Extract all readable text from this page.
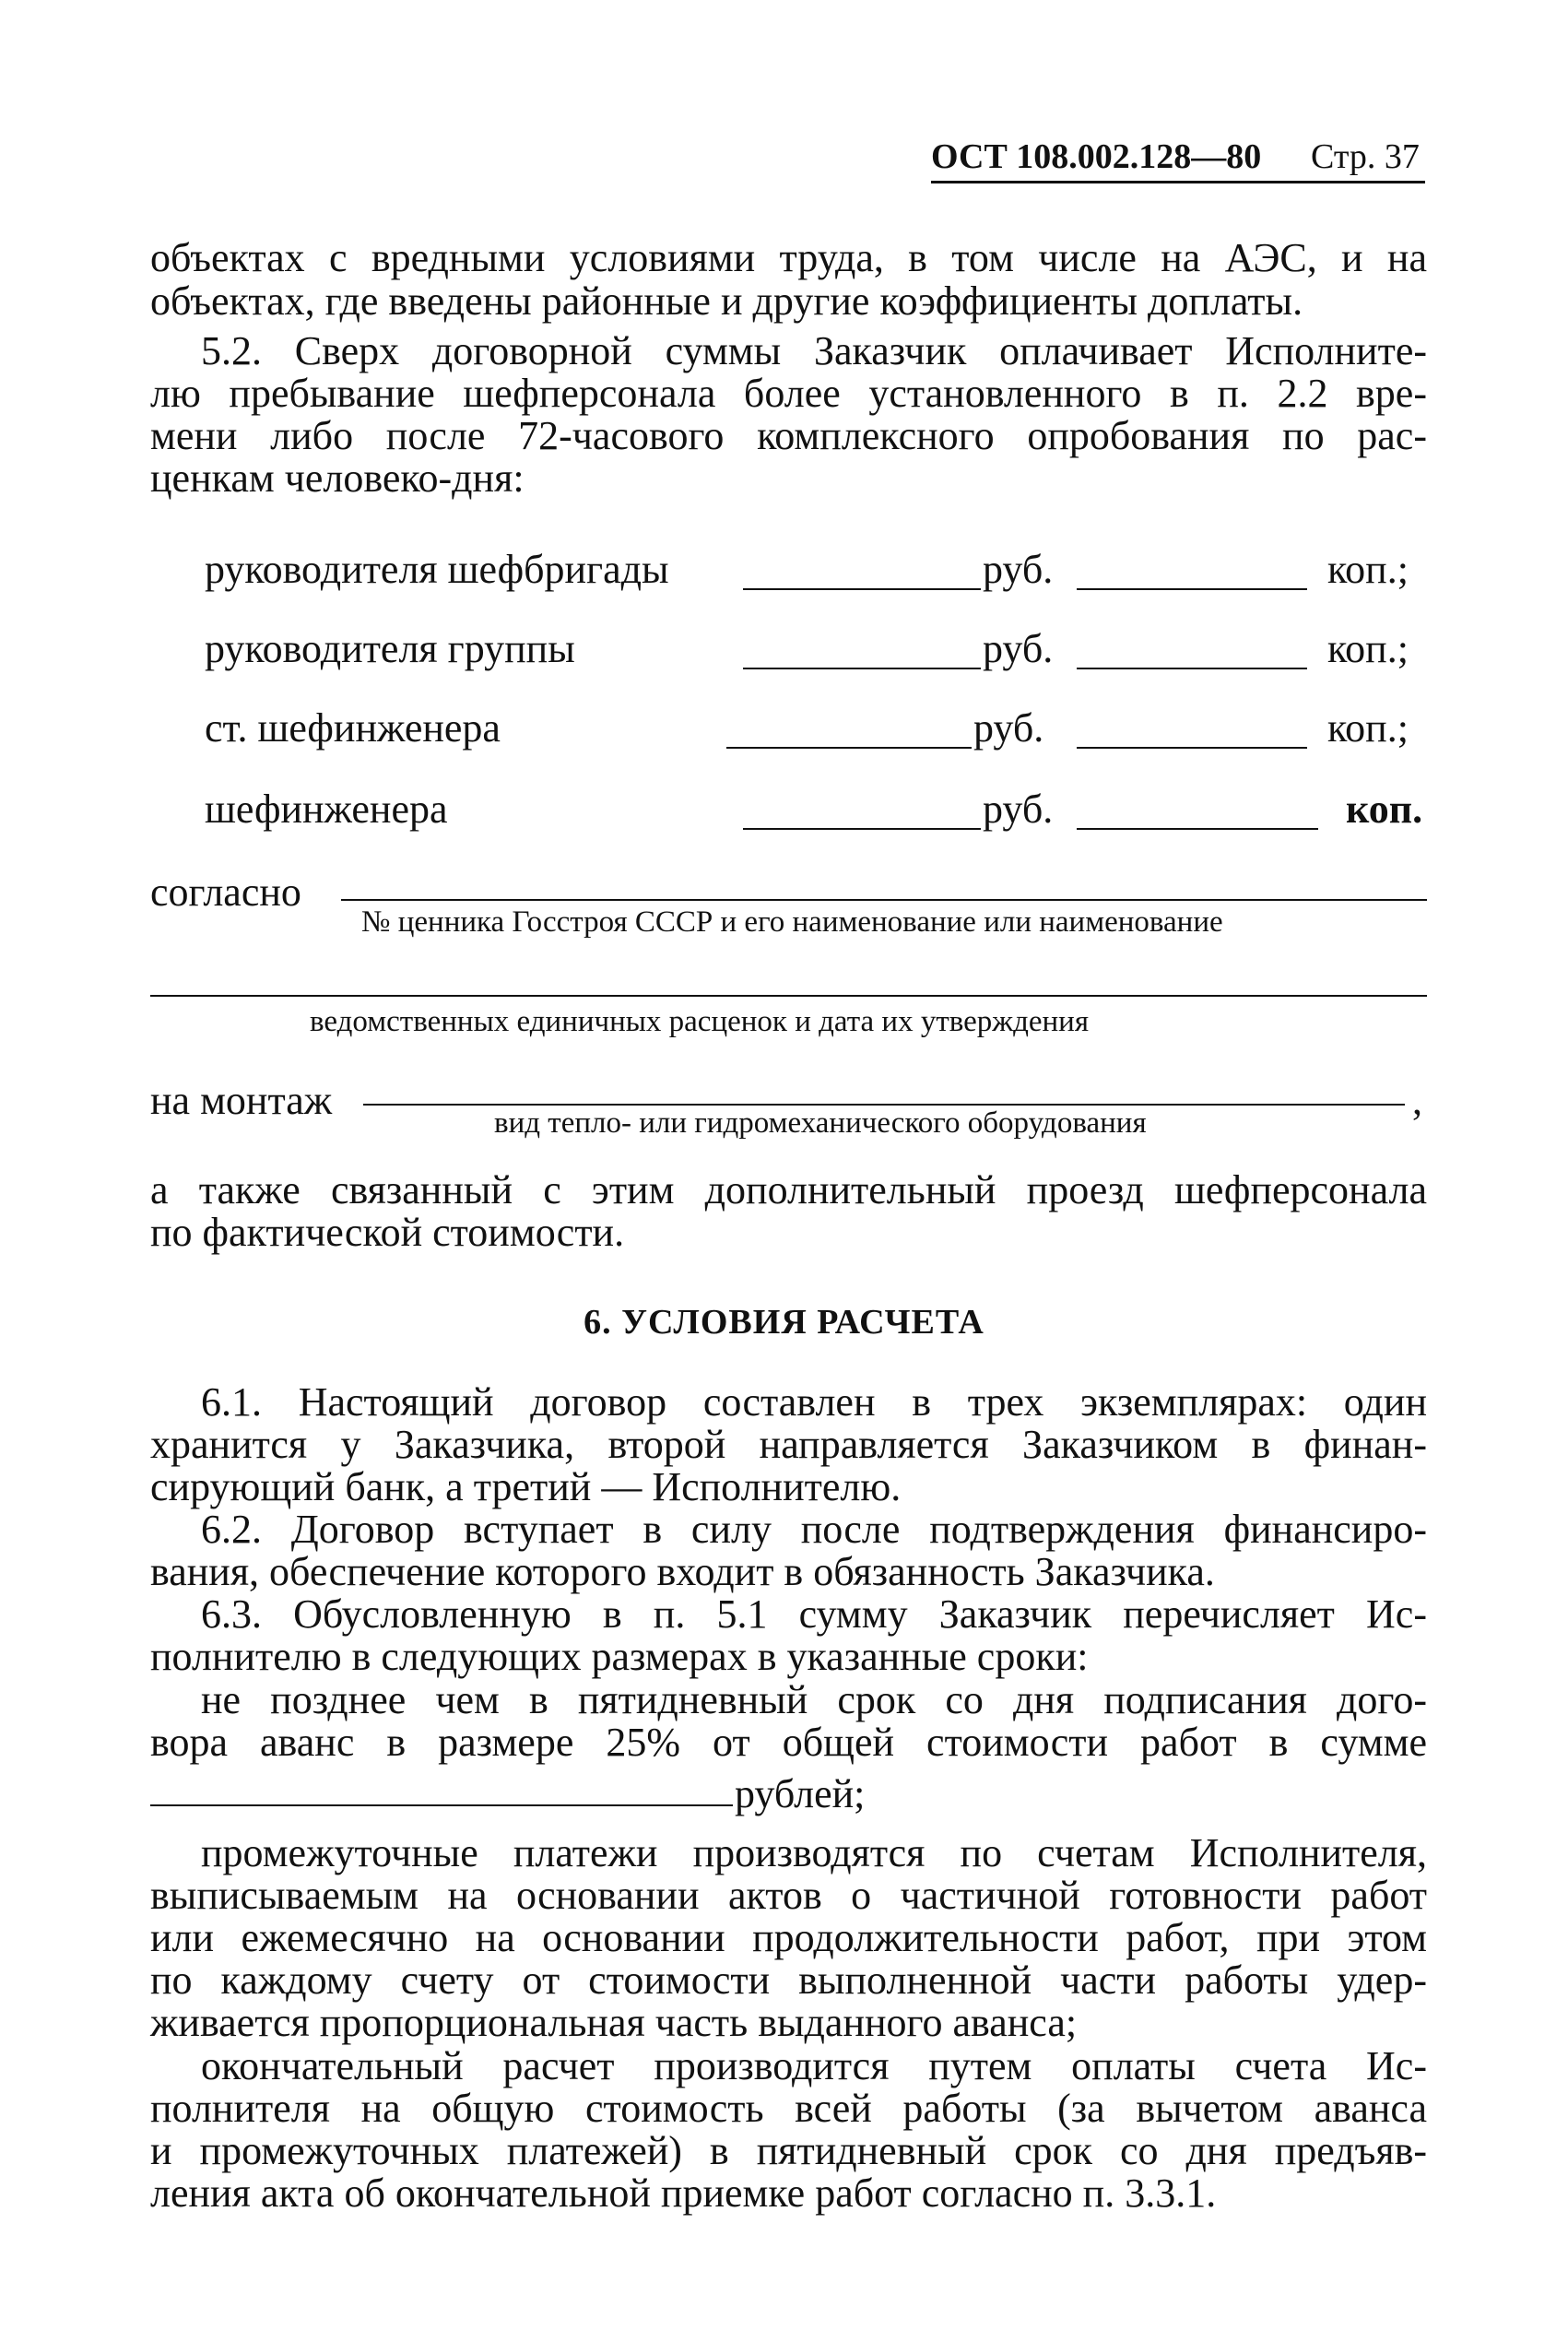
ОСТ 108.002.128—80 Стр. 37
объектах с вредными условиями труда, в том числе на АЭС, и на
объектах, где введены районные и другие коэффициенты доплаты.
5.2. Сверх договорной суммы Заказчик оплачивает Исполните-
лю пребывание шефперсонала более установленного в п. 2.2 вре-
мени либо после 72-часового комплексного опробования по рас-
ценкам человеко-дня:
руководителя шефбригады	руб.	коп.;
руководителя группы	руб.	коп.;
ст. шефинженера	руб.	коп.;
шефинженера	руб.	коп.
согласно
№ ценника Госстроя СССР и его наименование или наименование
ведомственных единичных расценок и дата их утверждения
на монтаж	,
вид тепло- или гидромеханического оборудования
а также связанный с этим дополнительный проезд шефперсонала
по фактической стоимости.
6. УСЛОВИЯ РАСЧЕТА
6.1. Настоящий договор составлен в трех экземплярах: один
хранится у Заказчика, второй направляется Заказчиком в финан-
сирующий банк, а третий — Исполнителю.
6.2. Договор вступает в силу после подтверждения финансиро-
вания, обеспечение которого входит в обязанность Заказчика.
6.3. Обусловленную в п. 5.1 сумму Заказчик перечисляет Ис-
полнителю в следующих размерах в указанные сроки:
не позднее чем в пятидневный срок со дня подписания дого-
вора аванс в размере 25% от общей стоимости работ в сумме
рублей;
промежуточные платежи производятся по счетам Исполнителя,
выписываемым на основании актов о частичной готовности работ
или ежемесячно на основании продолжительности работ, при этом
по каждому счету от стоимости выполненной части работы удер-
живается пропорциональная часть выданного аванса;
окончательный расчет производится путем оплаты счета Ис-
полнителя на общую стоимость всей работы (за вычетом аванса
и промежуточных платежей) в пятидневный срок со дня предъяв-
ления акта об окончательной приемке работ согласно п. 3.3.1.
